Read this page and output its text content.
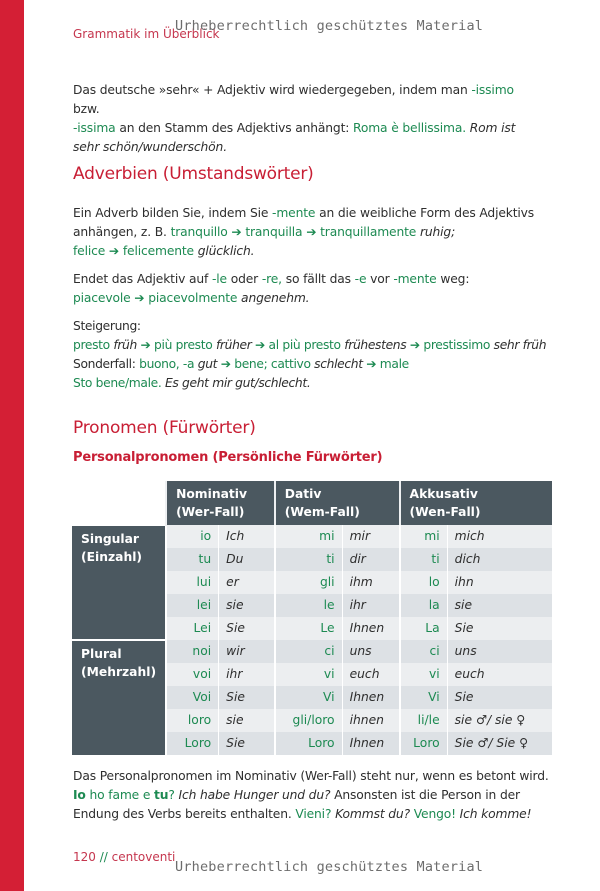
Grammatik im Überblick
Urheberrechtlich geschütztes Material

Das deutsche »sehr« + Adjektiv wird wiedergegeben, indem man -issimo bzw.
-issima an den Stamm des Adjektivs anhängt: Roma è bellissima. Rom ist sehr schön/wunderschön.

Adverbien (Umstandswörter)

Ein Adverb bilden Sie, indem Sie -mente an die weibliche Form des Adjektivs anhängen, z. B. tranquillo ➔ tranquilla ➔ tranquillamente ruhig;
felice ➔ felicemente glücklich.

Endet das Adjektiv auf -le oder -re, so fällt das -e vor -mente weg:
piacevole ➔ piacevolmente angenehm.

Steigerung:
presto früh ➔ più presto früher ➔ al più presto frühestens ➔ prestissimo sehr früh
Sonderfall: buono, -a gut ➔ bene; cattivo schlecht ➔ male
Sto bene/male. Es geht mir gut/schlecht.

Pronomen (Fürwörter)
Personalpronomen (Persönliche Fürwörter)
	Nominativ
(Wer-Fall)		Dativ
(Wem-Fall)		Akkusativ
(Wen-Fall)	
Singular
(Einzahl)	io	Ich	mi	mir	mi	mich
	tu	Du	ti	dir	ti	dich
	lui	er	gli	ihm	lo	ihn
	lei	sie	le	ihr	la	sie
	Lei	Sie	Le	Ihnen	La	Sie
Plural
(Mehrzahl)	noi	wir	ci	uns	ci	uns
	voi	ihr	vi	euch	vi	euch
	Voi	Sie	Vi	Ihnen	Vi	Sie
	loro	sie	gli/loro	ihnen	li/le	sie ♂/ sie ♀
	Loro	Sie	Loro	Ihnen	Loro	Sie ♂/ Sie ♀

Das Personalpronomen im Nominativ (Wer-Fall) steht nur, wenn es betont wird.
Io ho fame e tu? Ich habe Hunger und du? Ansonsten ist die Person in der Endung des Verbs bereits enthalten. Vieni? Kommst du? Vengo! Ich komme!

120 // centoventi
Urheberrechtlich geschütztes Material
